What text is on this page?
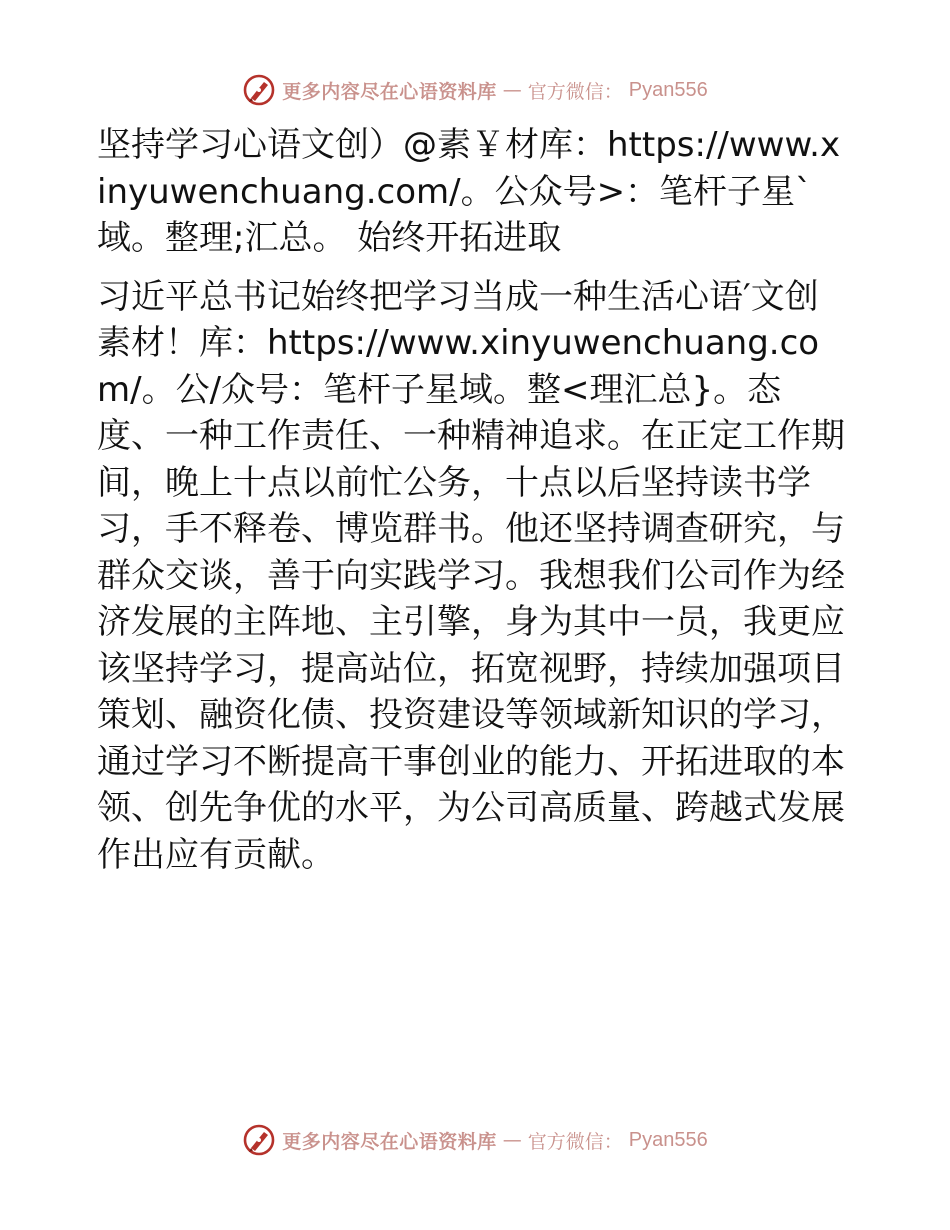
更多内容尽在心语资料库 — 官方微信： Pyan556

坚持学习心语文创）@素￥材库：https://www.xinyuwenchuang.com/。公众号>：笔杆子星`域。整理;汇总。 始终开拓进取

习近平总书记始终把学习当成一种生活心语′文创素材！库：https://www.xinyuwenchuang.com/。公/众号：笔杆子星域。整<理汇总}。态度、一种工作责任、一种精神追求。在正定工作期间，晚上十点以前忙公务，十点以后坚持读书学习，手不释卷、博览群书。他还坚持调查研究，与群众交谈，善于向实践学习。我想我们公司作为经济发展的主阵地、主引擎，身为其中一员，我更应该坚持学习，提高站位，拓宽视野，持续加强项目策划、融资化债、投资建设等领域新知识的学习，通过学习不断提高干事创业的能力、开拓进取的本领、创先争优的水平，为公司高质量、跨越式发展作出应有贡献。

更多内容尽在心语资料库 — 官方微信： Pyan556
